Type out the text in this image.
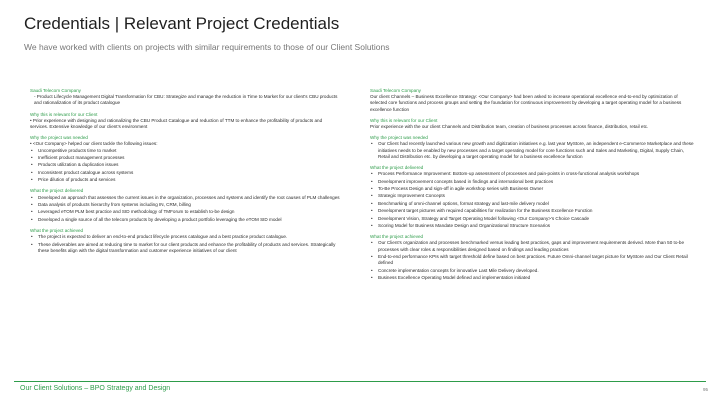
Credentials | Relevant Project Credentials
We have worked with clients on projects with similar requirements to those of our Client Solutions
Saudi Telecom Company

- Product Lifecycle Management Digital Transformation for CBU: Strategize and manage the reduction in Time to Market for our client's CBU products and rationalization of its product catalogue

Why this is relevant for our Client

• Prior experience with designing and rationalizing the CBU Product Catalogue and reduction of TTM to enhance the profitability of products and services. Extensive knowledge of our client's environment

Why the project was needed

• <Our Company> helped our client tackle the following issues:

• Uncompetitive products time to market
• Inefficient product management processes
• Products utilization & duplication issues
• Inconsistent product catalogue across systems
• Price dilution of products and services
What the project delivered
• Developed an approach that assesses the current issues in the organization, processes and systems and identify the root causes of PLM challenges
• Data analysis of products hierarchy from systems including IN, CRM, billing
• Leveraged eTOM PLM best practice and SID methodology of TMForum to establish to-be design
• Developed a single source of all the telecom products by developing a product portfolio leveraging the eTOM SID model
What the project achieved
• The project is expected to deliver an end-to-end product lifecycle process catalogue and a best practice product catalogue.
• These deliverables are aimed at reducing time to market for our client products and enhance the profitability of products and services. Strategically these benefits align with the digital transformation and customer experience initiatives of our client
Saudi Telecom Company

Our client Channels – Business Excellence Strategy: <Our Company> had been asked to increase operational excellence end-to-end by optimization of selected core functions and process groups and setting the foundation for continuous improvement by developing a target operating model for a business excellence function

Why this is relevant for our Client

Prior experience with the our client Channels and Distribution team, creation of business processes across finance, distribution, retail etc.

Why the project was needed
• Our Client had recently launched various new growth and digitization initiatives e.g. last year MyStore, an independent e-Commerce Marketplace and these initiatives needs to be enabled by new processes and a target operating model for core functions such and Sales and Marketing, Digital, Supply Chain, Retail and Distribution etc. by developing a target operating model for a business excellence function
What the project delivered
• Process Performance Improvement: Bottom-up assessment of processes and pain-points in cross-functional analysis workshops
• Development improvement concepts based in findings and international best practices
• To-Be Process Design and sign-off in agile workshop series with Business Owner
• Strategic Improvement Concepts
• Benchmarking of omni-channel options, format strategy and last-mile delivery model
• Development target pictures with required capabilities for realization for the Business Excellence Function
• Development Vision, Strategy and Target Operating Model following <Our Company>'s Choice Cascade
• Scoring Model for Business Mandate Design and Organizational Structure Scenarios
What the project achieved
• Our Client's organization and processes benchmarked versus leading best practices, gaps and improvement requirements derived. More than 50 to-be processes with clear roles & responsibilities designed based on findings and leading practices
• End-to-end performance KPIs with target threshold define based on best practices. Future Omni-channel target picture for MyStore and Our Client Retail defined
• Concrete implementation concepts for innovative Last Mile Delivery developed.
• Business Excellence Operating Model defined and implementation initiated
Our Client Solutions – BPO Strategy and Design	95
